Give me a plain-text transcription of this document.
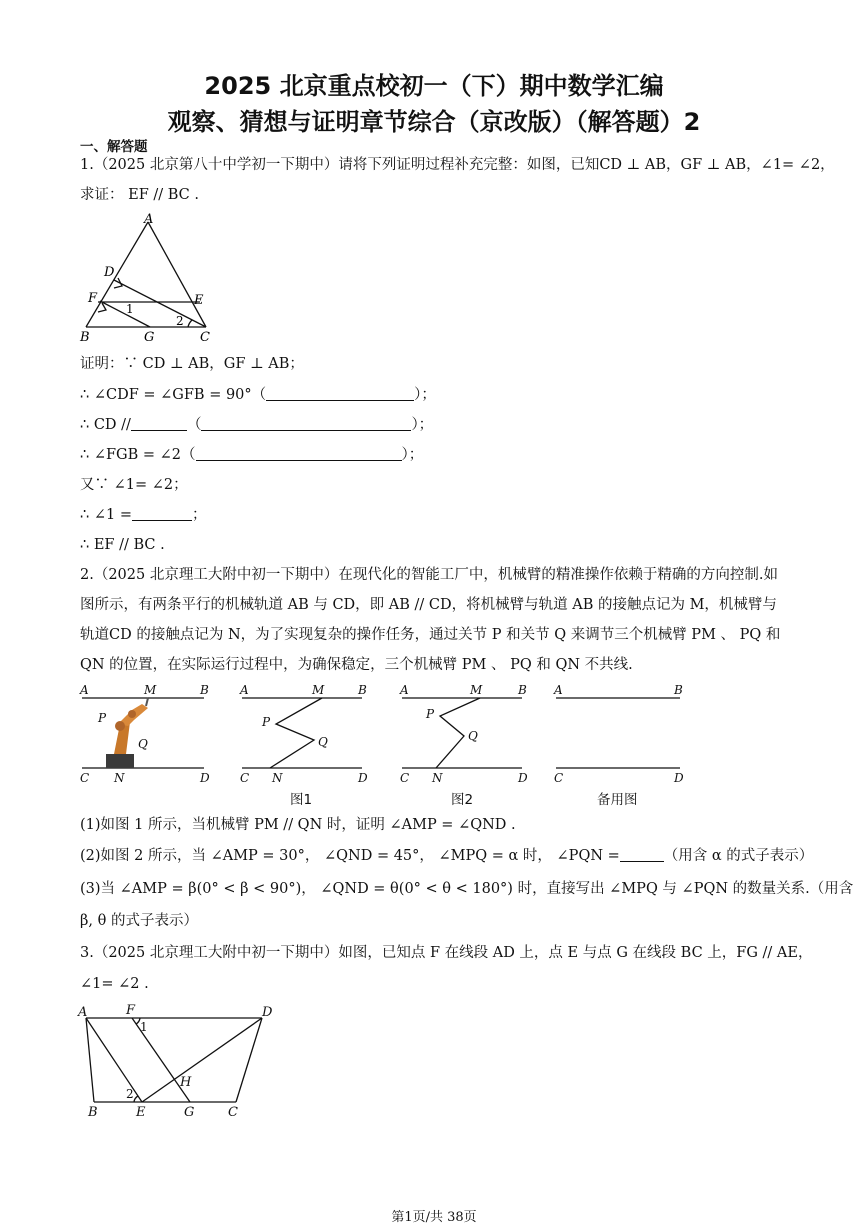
2025 北京重点校初一（下）期中数学汇编
观察、猜想与证明章节综合（京改版）（解答题）2
一、解答题
1.（2025 北京第八十中学初一下期中）请将下列证明过程补充完整：如图，已知CD ⊥ AB，GF ⊥ AB，∠1= ∠2，
求证： EF // BC .
A
D
F	E
1
2
B	G	C
证明：∵ CD ⊥ AB，GF ⊥ AB；
∴ ∠CDF = ∠GFB = 90°（	）；
∴ CD //	（	）；
∴ ∠FGB = ∠2（	）；
又∵ ∠1= ∠2；
∴ ∠1 =	；
∴ EF // BC .
2.（2025 北京理工大附中初一下期中）在现代化的智能工厂中，机械臂的精准操作依赖于精确的方向控制.如
图所示，有两条平行的机械轨道 AB 与 CD，即 AB // CD，将机械臂与轨道 AB 的接触点记为 M，机械臂与
轨道CD 的接触点记为 N，为了实现复杂的操作任务，通过关节 P 和关节 Q 来调节三个机械臂 PM 、 PQ 和
QN 的位置，在实际运行过程中，为确保稳定，三个机械臂 PM 、 PQ 和 QN 不共线.
A	M	B
P
Q
C N	D
A	M	B
P
Q
C N	D
A	M	B
P
Q
C N	D
A	B
C	D
图1	图2	备用图
(1)如图 1 所示，当机械臂 PM // QN 时，证明 ∠AMP = ∠QND .
(2)如图 2 所示，当 ∠AMP = 30°， ∠QND = 45°， ∠MPQ = α 时， ∠PQN =	（用含 α 的式子表示）
(3)当 ∠AMP = β(0° < β < 90°)， ∠QND = θ(0° < θ < 180°) 时，直接写出 ∠MPQ 与 ∠PQN 的数量关系.（用含
β, θ 的式子表示）
3.（2025 北京理工大附中初一下期中）如图，已知点 F 在线段 AD 上，点 E 与点 G 在线段 BC 上，FG // AE，
∠1= ∠2 .
A	F	D
1
H
2
B	E	G	C
第1页/共 38页
